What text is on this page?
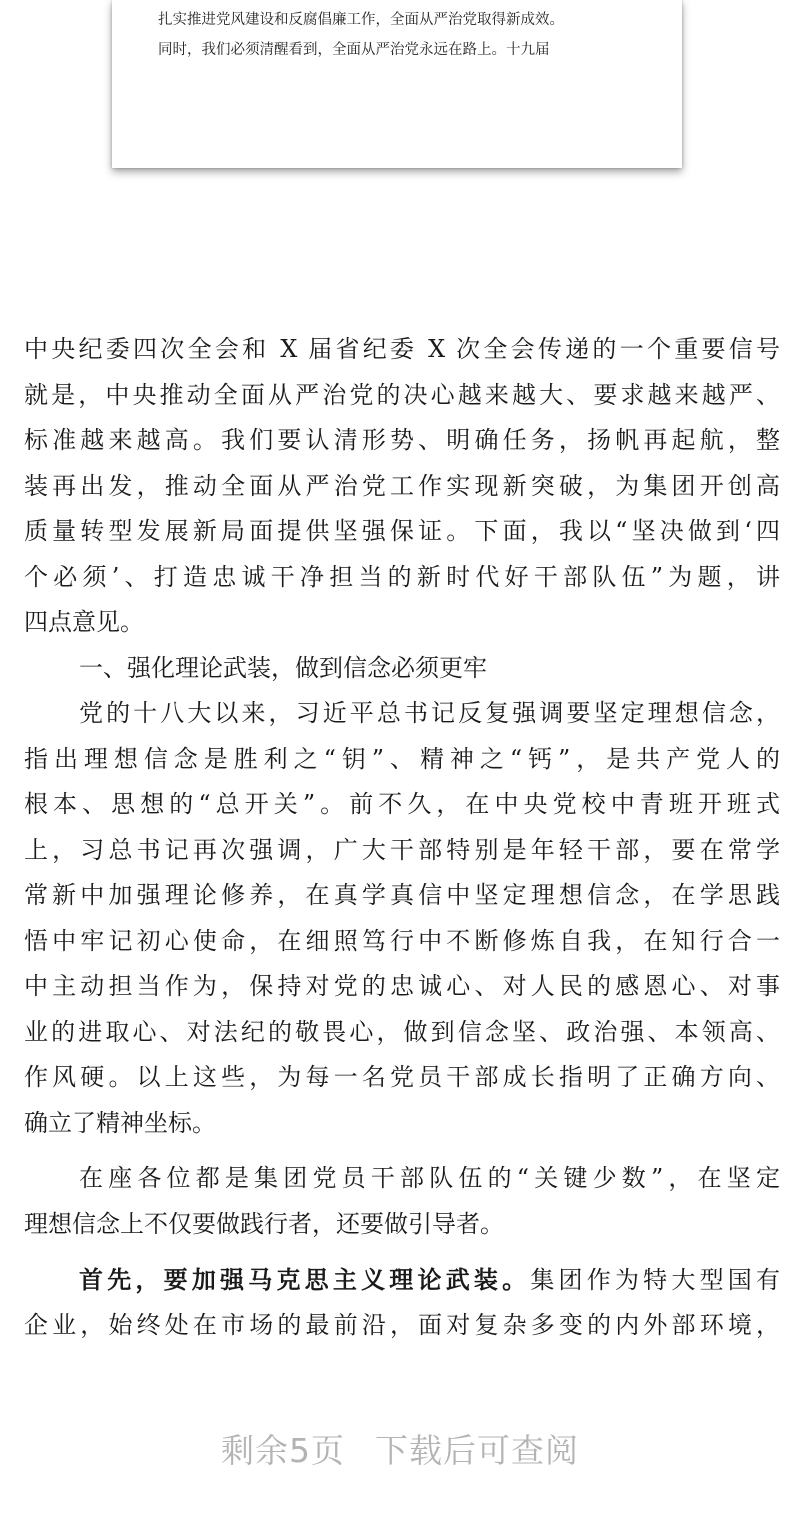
扎实推进党风建设和反腐倡廉工作，全面从严治党取得新成效。
同时，我们必须清醒看到，全面从严治党永远在路上。十九届
中央纪委四次全会和 X 届省纪委 X 次全会传递的一个重要信号
就是，中央推动全面从严治党的决心越来越大、要求越来越严、
标准越来越高。我们要认清形势、明确任务，扬帆再起航，整
装再出发，推动全面从严治党工作实现新突破，为集团开创高
质量转型发展新局面提供坚强保证。下面，我以“坚决做到‘四
个必须’、打造忠诚干净担当的新时代好干部队伍”为题，讲
四点意见。
一、强化理论武装，做到信念必须更牢
党的十八大以来，习近平总书记反复强调要坚定理想信念，
指出理想信念是胜利之“钥”、精神之“钙”，是共产党人的
根本、思想的“总开关”。前不久，在中央党校中青班开班式
上，习总书记再次强调，广大干部特别是年轻干部，要在常学
常新中加强理论修养，在真学真信中坚定理想信念，在学思践
悟中牢记初心使命，在细照笃行中不断修炼自我，在知行合一
中主动担当作为，保持对党的忠诚心、对人民的感恩心、对事
业的进取心、对法纪的敬畏心，做到信念坚、政治强、本领高、
作风硬。以上这些，为每一名党员干部成长指明了正确方向、
确立了精神坐标。
在座各位都是集团党员干部队伍的“关键少数”，在坚定
理想信念上不仅要做践行者，还要做引导者。
首先，要加强马克思主义理论武装。集团作为特大型国有
企业，始终处在市场的最前沿，面对复杂多变的内外部环境，
剩余5页 下载后可查阅
